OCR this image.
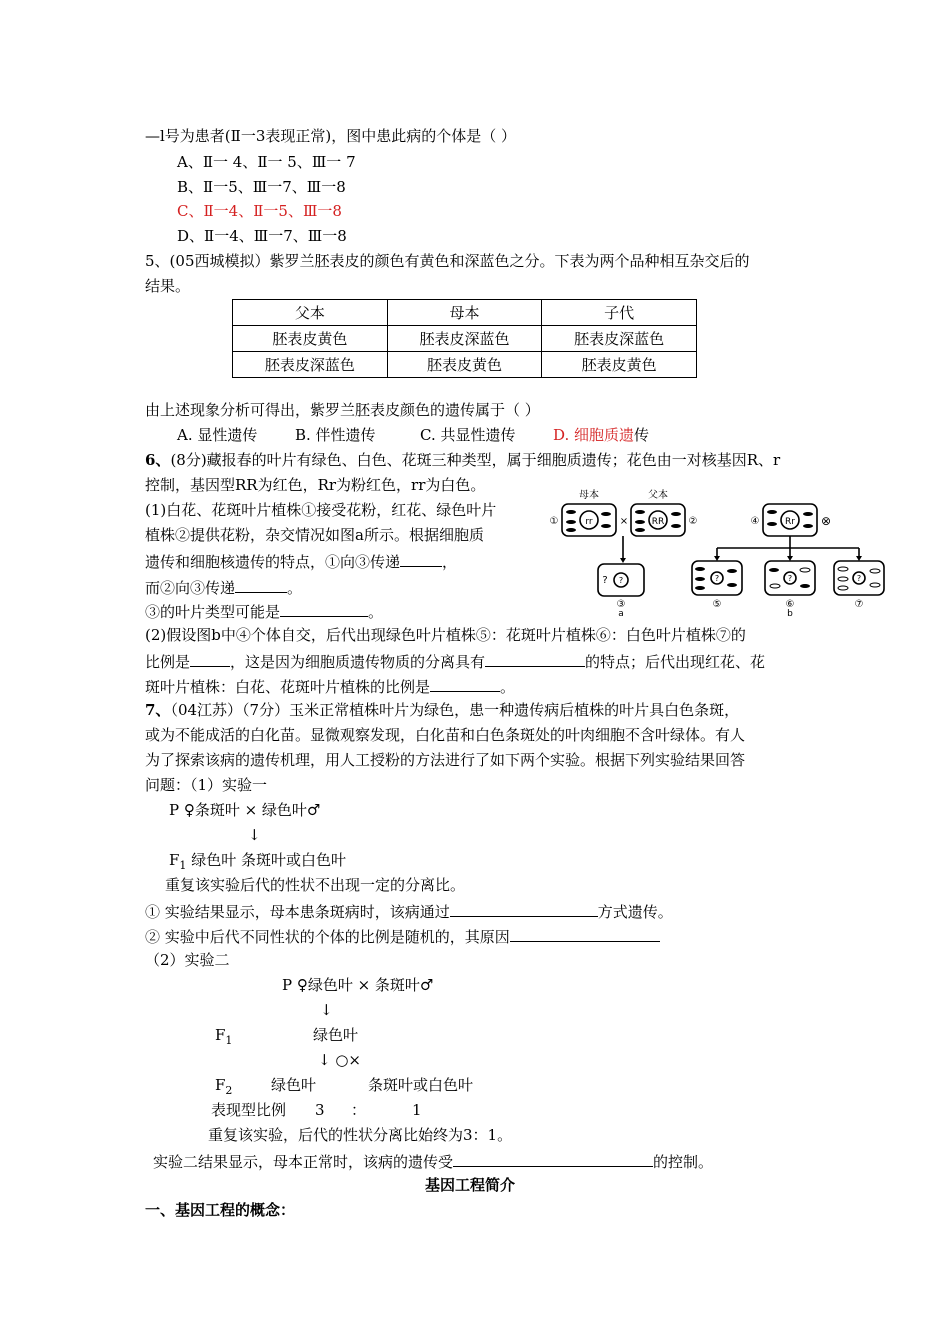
—l号为患者(Ⅱ一3表现正常)，图中患此病的个体是（ ）
A、Ⅱ一 4、Ⅱ一 5、Ⅲ一 7
B、Ⅱ一5、Ⅲ一7、Ⅲ一8
C、Ⅱ一4、Ⅱ一5、Ⅲ一8
D、Ⅱ一4、Ⅲ一7、Ⅲ一8
5、(05西城模拟）紫罗兰胚表皮的颜色有黄色和深蓝色之分。下表为两个品种相互杂交后的
结果。
父本	母本	子代
胚表皮黄色	胚表皮深蓝色	胚表皮深蓝色
胚表皮深蓝色	胚表皮黄色	胚表皮黄色
由上述现象分析可得出，紫罗兰胚表皮颜色的遗传属于（ ）
A. 显性遗传	B. 伴性遗传	C. 共显性遗传	D. 细胞质遗传
6、(8分)藏报春的叶片有绿色、白色、花斑三种类型，属于细胞质遗传；花色由一对核基因R、r
控制，基因型RR为红色，Rr为粉红色，rr为白色。
(1)白花、花斑叶片植株①接受花粉，红花、绿色叶片
植株②提供花粉，杂交情况如图a所示。根据细胞质
遗传和细胞核遗传的特点，①向③传递	，
而②向③传递	。
③的叶片类型可能是	。
母本	父本
rr	RR	Rr
×	⊗
①	②	④
? ?	?	?	?
③	⑤	⑥	⑦
a	b
(2)假设图b中④个体自交，后代出现绿色叶片植株⑤：花斑叶片植株⑥：白色叶片植株⑦的
比例是	，这是因为细胞质遗传物质的分离具有	的特点；后代出现红花、花
斑叶片植株：白花、花斑叶片植株的比例是	。
7、（04江苏）（7分）玉米正常植株叶片为绿色，患一种遗传病后植株的叶片具白色条斑，
或为不能成活的白化苗。显微观察发现，白化苗和白色条斑处的叶肉细胞不含叶绿体。有人
为了探索该病的遗传机理，用人工授粉的方法进行了如下两个实验。根据下列实验结果回答
问题：（1）实验一
P ♀条斑叶 × 绿色叶♂
↓
$F_1$ 绿色叶 条斑叶或白色叶
重复该实验后代的性状不出现一定的分离比。
① 实验结果显示，母本患条斑病时，该病通过	方式遗传。
② 实验中后代不同性状的个体的比例是随机的，其原因
（2）实验二
P ♀绿色叶 × 条斑叶♂
↓
$F_1$	绿色叶
↓ ○×
$F_2$	绿色叶	条斑叶或白色叶
表现型比例 3 ：	1
重复该实验，后代的性状分离比始终为3：1。
实验二结果显示，母本正常时，该病的遗传受	的控制。
基因工程简介
一、基因工程的概念：
